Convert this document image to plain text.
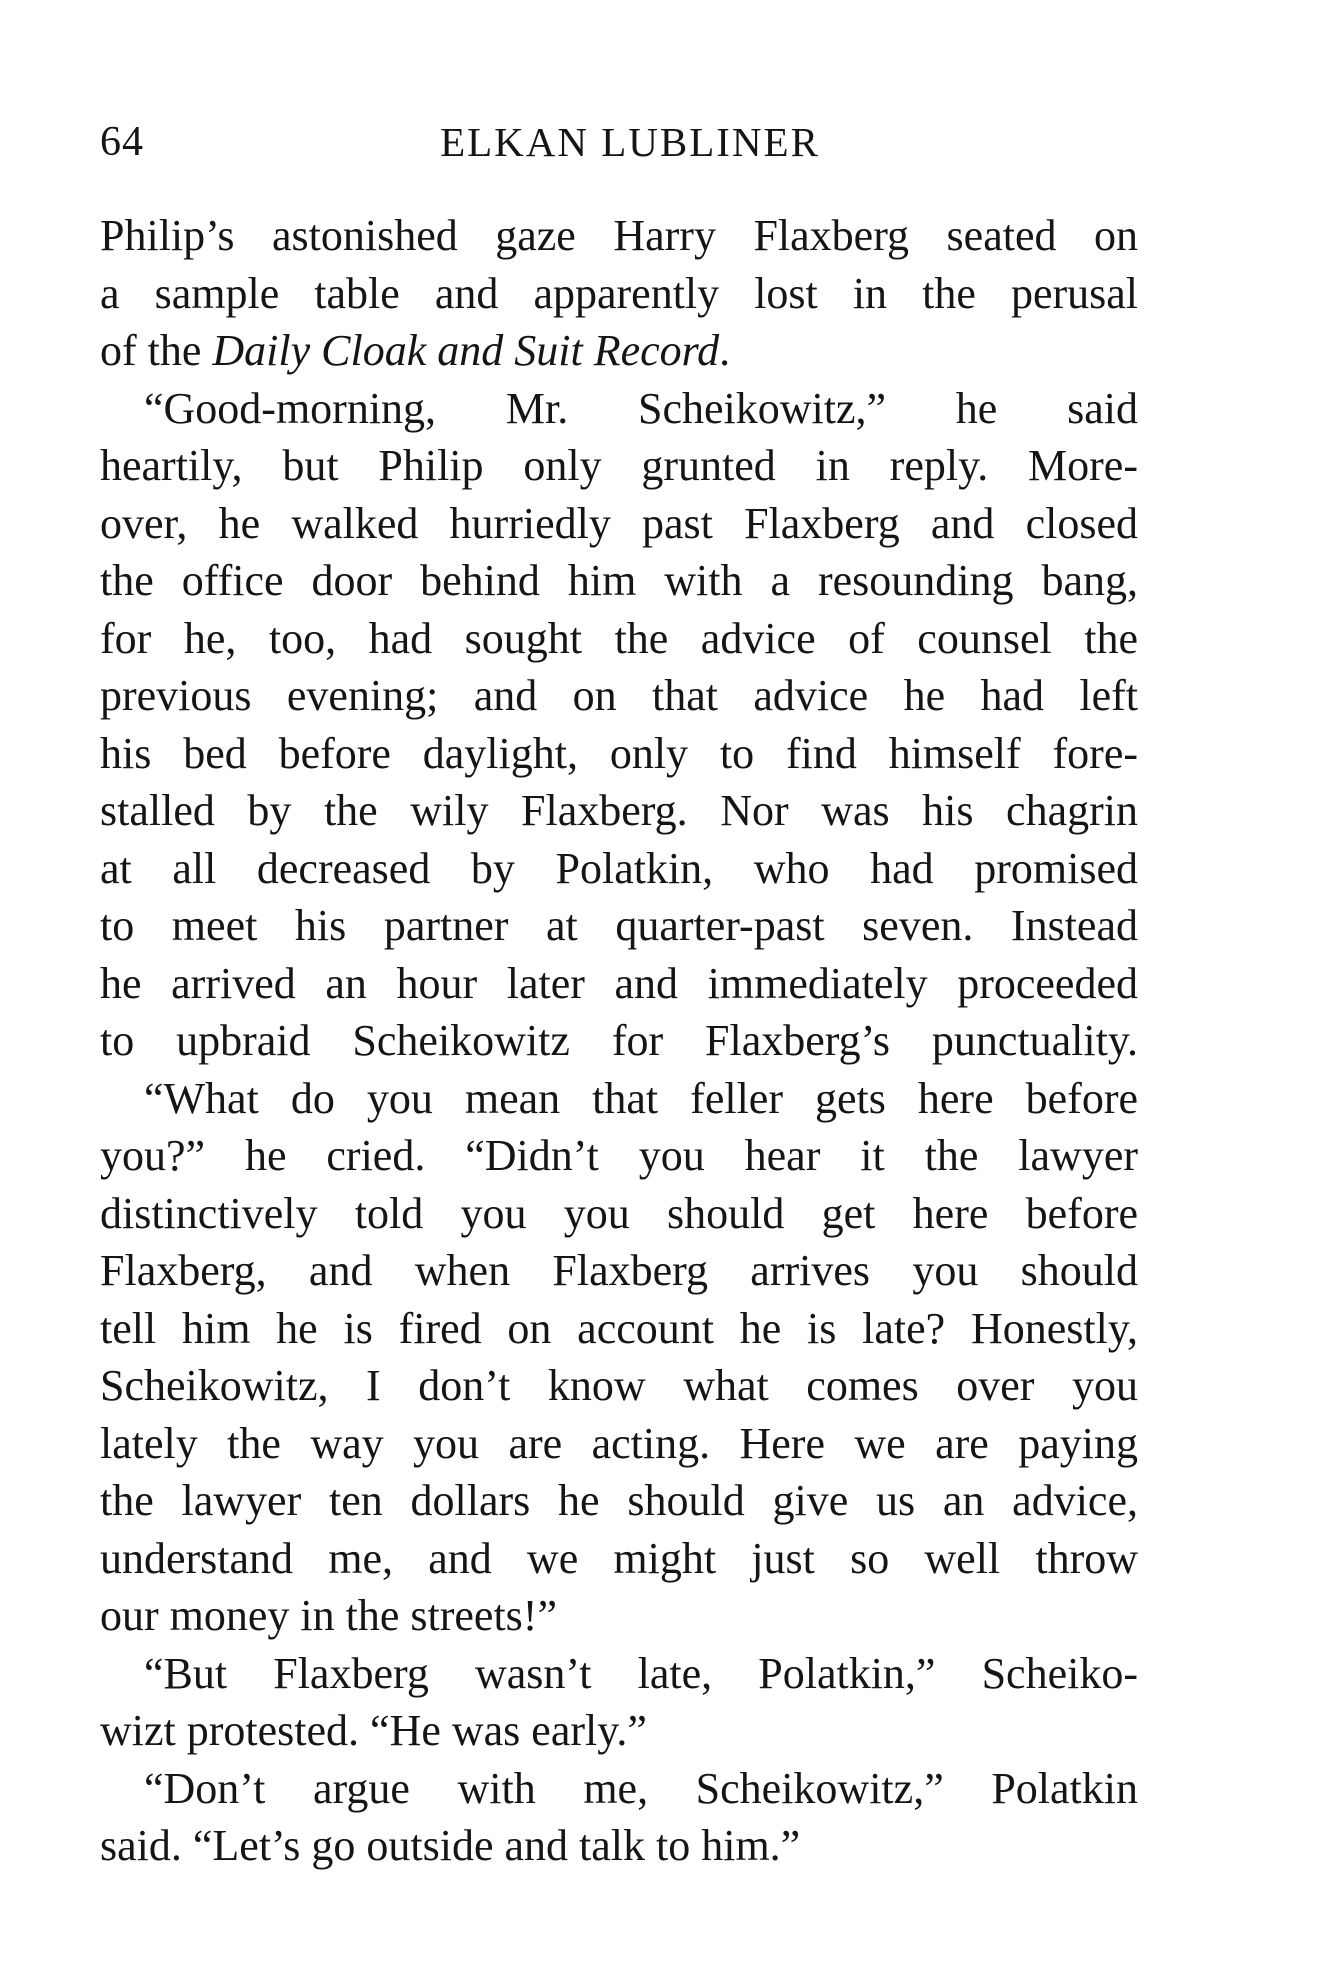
64	ELKAN LUBLINER
Philip’s astonished gaze Harry Flaxberg seated on
a sample table and apparently lost in the perusal
of the Daily Cloak and Suit Record.
“Good-morning, Mr. Scheikowitz,” he said
heartily, but Philip only grunted in reply. More-
over, he walked hurriedly past Flaxberg and closed
the office door behind him with a resounding bang,
for he, too, had sought the advice of counsel the
previous evening; and on that advice he had left
his bed before daylight, only to find himself fore-
stalled by the wily Flaxberg. Nor was his chagrin
at all decreased by Polatkin, who had promised
to meet his partner at quarter-past seven. Instead
he arrived an hour later and immediately proceeded
to upbraid Scheikowitz for Flaxberg’s punctuality.
“What do you mean that feller gets here before
you?” he cried. “Didn’t you hear it the lawyer
distinctively told you you should get here before
Flaxberg, and when Flaxberg arrives you should
tell him he is fired on account he is late? Honestly,
Scheikowitz, I don’t know what comes over you
lately the way you are acting. Here we are paying
the lawyer ten dollars he should give us an advice,
understand me, and we might just so well throw
our money in the streets!”
“But Flaxberg wasn’t late, Polatkin,” Scheiko-
wizt protested. “He was early.”
“Don’t argue with me, Scheikowitz,” Polatkin
said. “Let’s go outside and talk to him.”
